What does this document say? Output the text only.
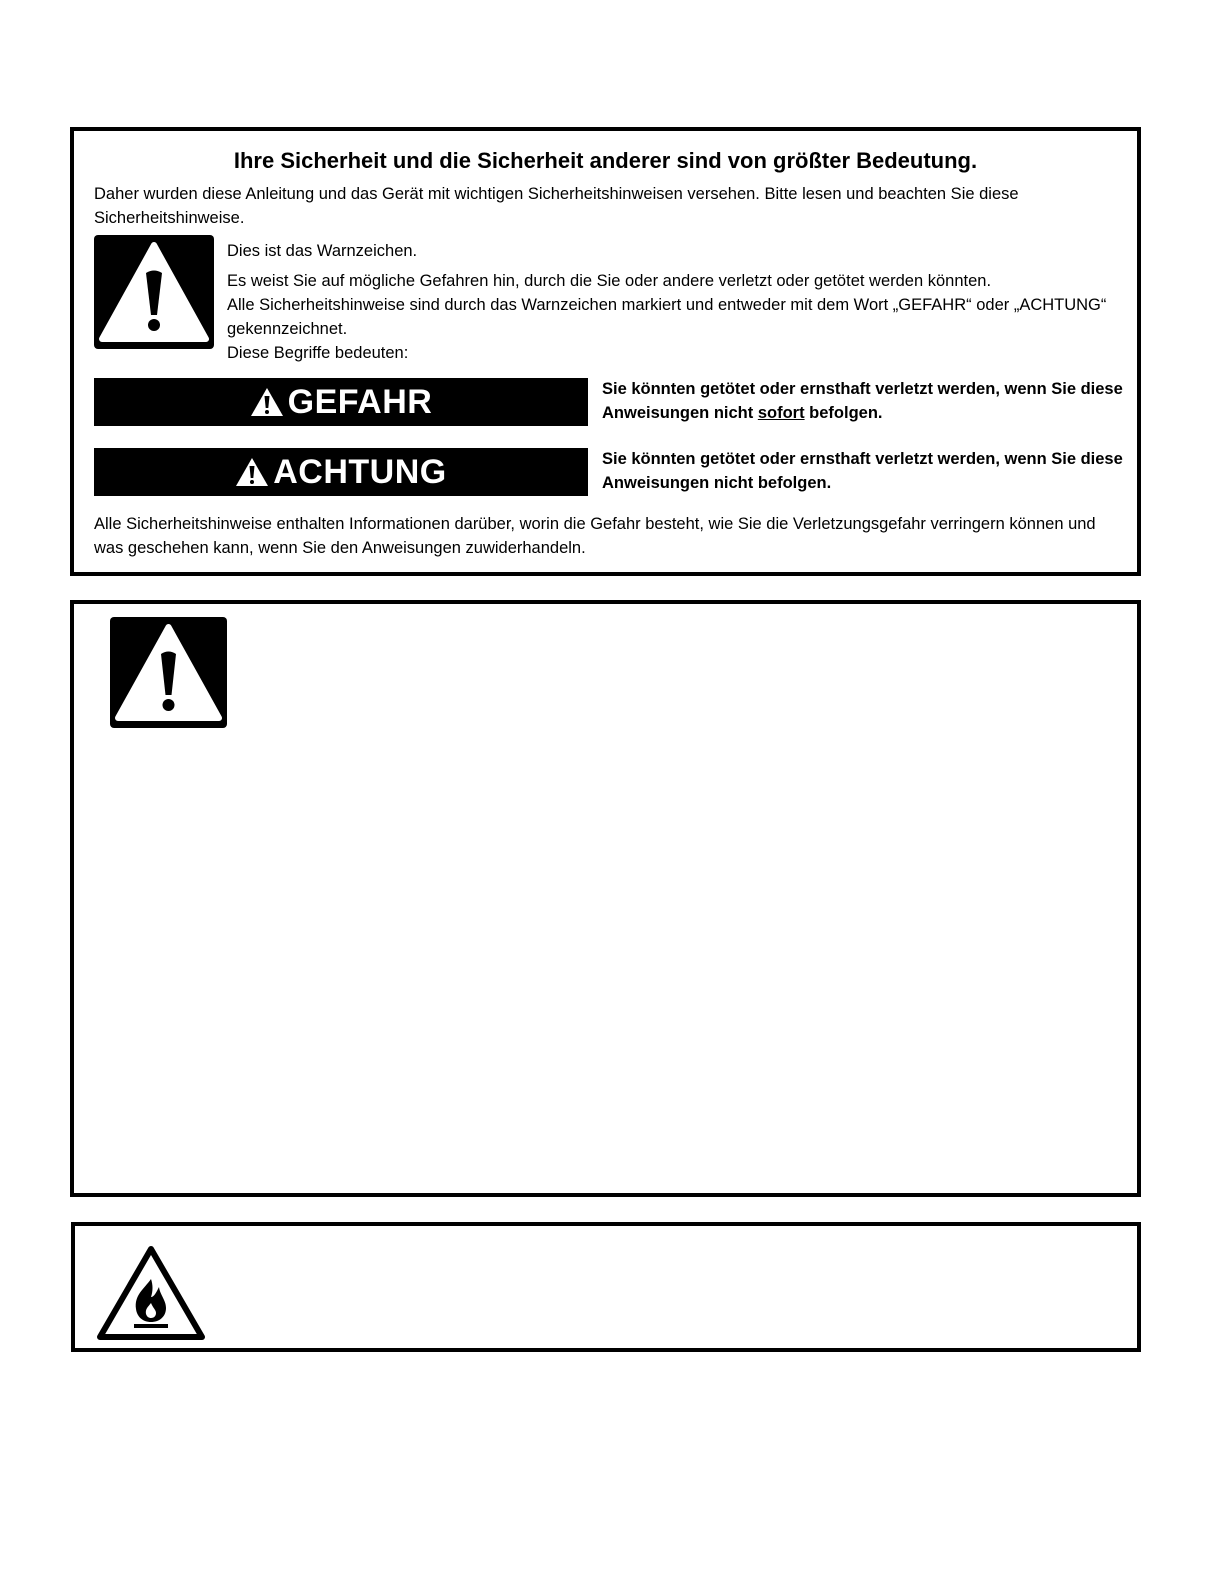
Ihre Sicherheit und die Sicherheit anderer sind von größter Bedeutung.
Daher wurden diese Anleitung und das Gerät mit wichtigen Sicherheitshinweisen versehen. Bitte lesen und beachten Sie diese Sicherheitshinweise.
Dies ist das Warnzeichen.
Es weist Sie auf mögliche Gefahren hin, durch die Sie oder andere verletzt oder getötet werden könnten.
Alle Sicherheitshinweise sind durch das Warnzeichen markiert und entweder mit dem Wort „GEFAHR“ oder „ACHTUNG“ gekennzeichnet.
Diese Begriffe bedeuten:
GEFAHR	Sie könnten getötet oder ernsthaft verletzt werden, wenn Sie diese Anweisungen nicht sofort befolgen.
ACHTUNG	Sie könnten getötet oder ernsthaft verletzt werden, wenn Sie diese Anweisungen nicht befolgen.
Alle Sicherheitshinweise enthalten Informationen darüber, worin die Gefahr besteht, wie Sie die Verletzungsgefahr verringern können und was geschehen kann, wenn Sie den Anweisungen zuwiderhandeln.
